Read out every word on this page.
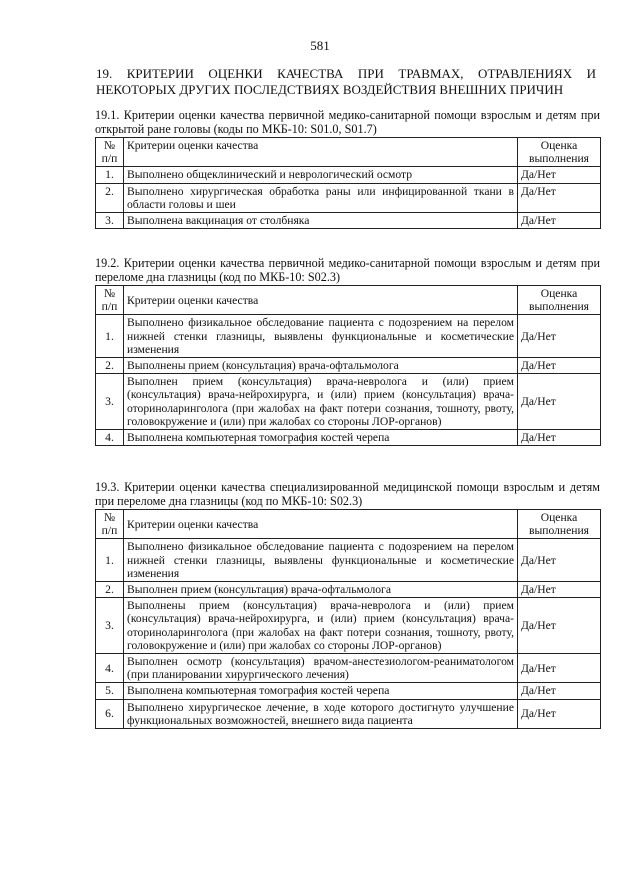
581
19. КРИТЕРИИ ОЦЕНКИ КАЧЕСТВА ПРИ ТРАВМАХ, ОТРАВЛЕНИЯХ И НЕКОТОРЫХ ДРУГИХ ПОСЛЕДСТВИЯХ ВОЗДЕЙСТВИЯ ВНЕШНИХ ПРИЧИН
19.1. Критерии оценки качества первичной медико-санитарной помощи взрослым и детям при открытой ране головы (коды по МКБ-10: S01.0, S01.7)
№ п/п	Критерии оценки качества	Оценка выполнения
1.	Выполнено общеклинический и неврологический осмотр	Да/Нет
2.	Выполнено хирургическая обработка раны или инфицированной ткани в области головы и шеи	Да/Нет
3.	Выполнена вакцинация от столбняка	Да/Нет
19.2. Критерии оценки качества первичной медико-санитарной помощи взрослым и детям при переломе дна глазницы (код по МКБ-10: S02.3)
№ п/п	Критерии оценки качества	Оценка выполнения
1.	Выполнено физикальное обследование пациента с подозрением на перелом нижней стенки глазницы, выявлены функциональные и косметические изменения	Да/Нет
2.	Выполнены прием (консультация) врача-офтальмолога	Да/Нет
3.	Выполнен прием (консультация) врача-невролога и (или) прием (консультация) врача-нейрохирурга, и (или) прием (консультация) врача-оториноларинголога (при жалобах на факт потери сознания, тошноту, рвоту, головокружение и (или) при жалобах со стороны ЛОР-органов)	Да/Нет
4.	Выполнена компьютерная томография костей черепа	Да/Нет
19.3. Критерии оценки качества специализированной медицинской помощи взрослым и детям при переломе дна глазницы (код по МКБ-10: S02.3)
№ п/п	Критерии оценки качества	Оценка выполнения
1.	Выполнено физикальное обследование пациента с подозрением на перелом нижней стенки глазницы, выявлены функциональные и косметические изменения	Да/Нет
2.	Выполнен прием (консультация) врача-офтальмолога	Да/Нет
3.	Выполнены прием (консультация) врача-невролога и (или) прием (консультация) врача-нейрохирурга, и (или) прием (консультация) врача-оториноларинголога (при жалобах на факт потери сознания, тошноту, рвоту, головокружение и (или) при жалобах со стороны ЛОР-органов)	Да/Нет
4.	Выполнен осмотр (консультация) врачом-анестезиологом-реаниматологом (при планировании хирургического лечения)	Да/Нет
5.	Выполнена компьютерная томография костей черепа	Да/Нет
6.	Выполнено хирургическое лечение, в ходе которого достигнуто улучшение функциональных возможностей, внешнего вида пациента	Да/Нет
